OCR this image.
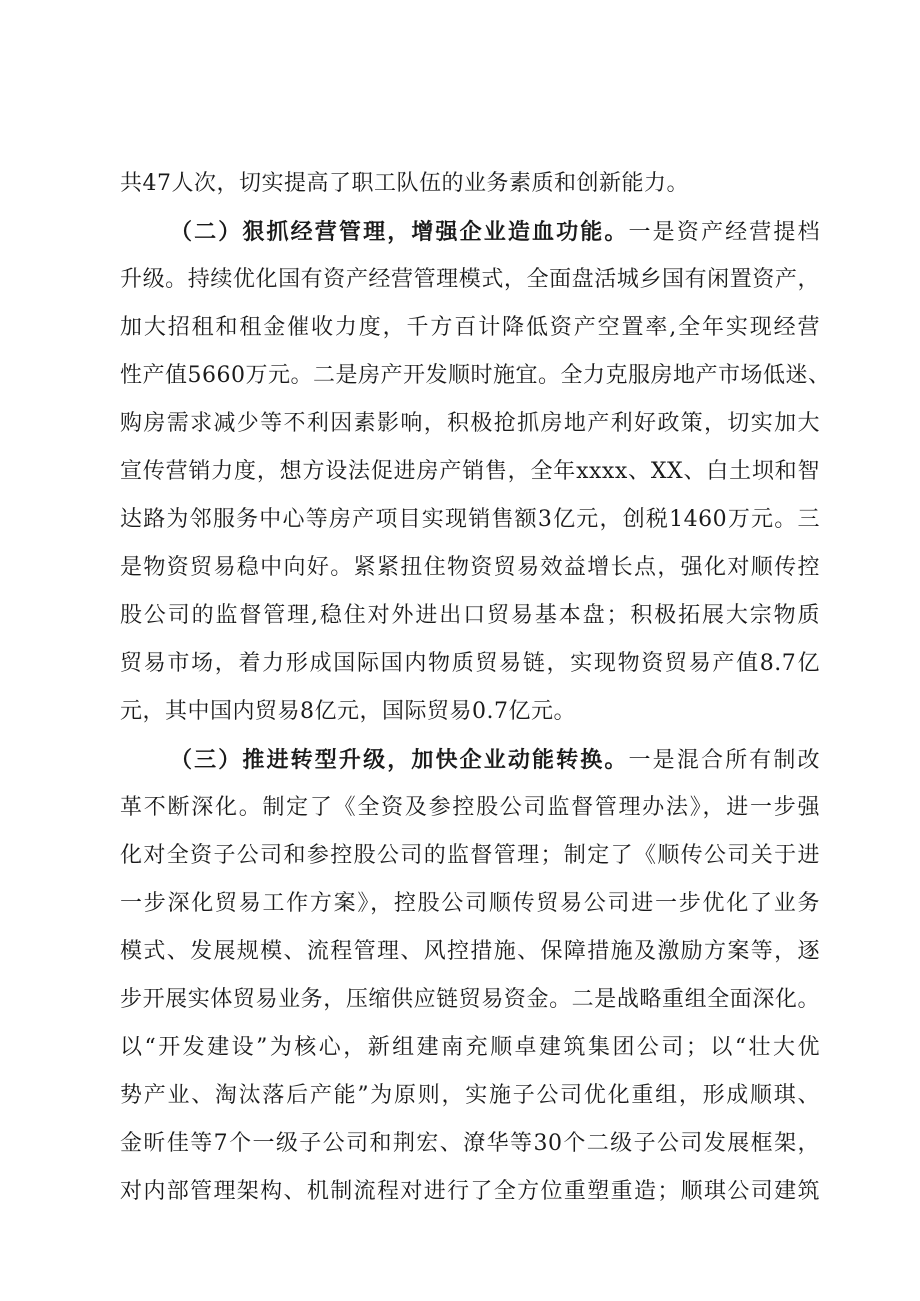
共47人次，切实提高了职工队伍的业务素质和创新能力。
（二）狠抓经营管理，增强企业造血功能。一是资产经营提档
升级。持续优化国有资产经营管理模式，全面盘活城乡国有闲置资产，
加大招租和租金催收力度，千方百计降低资产空置率,全年实现经营
性产值5660万元。二是房产开发顺时施宜。全力克服房地产市场低迷、
购房需求减少等不利因素影响，积极抢抓房地产利好政策，切实加大
宣传营销力度，想方设法促进房产销售，全年xxxx、XX、白土坝和智
达路为邻服务中心等房产项目实现销售额3亿元，创税1460万元。三
是物资贸易稳中向好。紧紧扭住物资贸易效益增长点，强化对顺传控
股公司的监督管理,稳住对外进出口贸易基本盘；积极拓展大宗物质
贸易市场，着力形成国际国内物质贸易链，实现物资贸易产值8.7亿
元，其中国内贸易8亿元，国际贸易0.7亿元。
（三）推进转型升级，加快企业动能转换。一是混合所有制改
革不断深化。制定了《全资及参控股公司监督管理办法》，进一步强
化对全资子公司和参控股公司的监督管理；制定了《顺传公司关于进
一步深化贸易工作方案》，控股公司顺传贸易公司进一步优化了业务
模式、发展规模、流程管理、风控措施、保障措施及激励方案等，逐
步开展实体贸易业务，压缩供应链贸易资金。二是战略重组全面深化。
以“开发建设”为核心，新组建南充顺卓建筑集团公司；以“壮大优
势产业、淘汰落后产能”为原则，实施子公司优化重组，形成顺琪、
金昕佳等7个一级子公司和荆宏、潦华等30个二级子公司发展框架，
对内部管理架构、机制流程对进行了全方位重塑重造；顺琪公司建筑
